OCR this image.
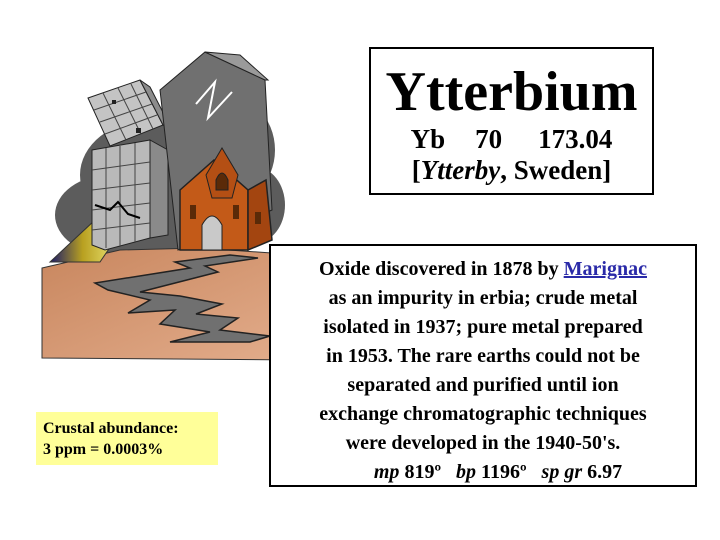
Ytterbium
Yb 70 173.04
[Ytterby, Sweden]
Oxide discovered in 1878 by Marignac
as an impurity in erbia; crude metal
isolated in 1937; pure metal prepared
in 1953. The rare earths could not be
separated and purified until ion
exchange chromatographic techniques
were developed in the 1940-50's.
mp 819º bp 1196º sp gr 6.97
Crustal abundance:
3 ppm = 0.0003%
